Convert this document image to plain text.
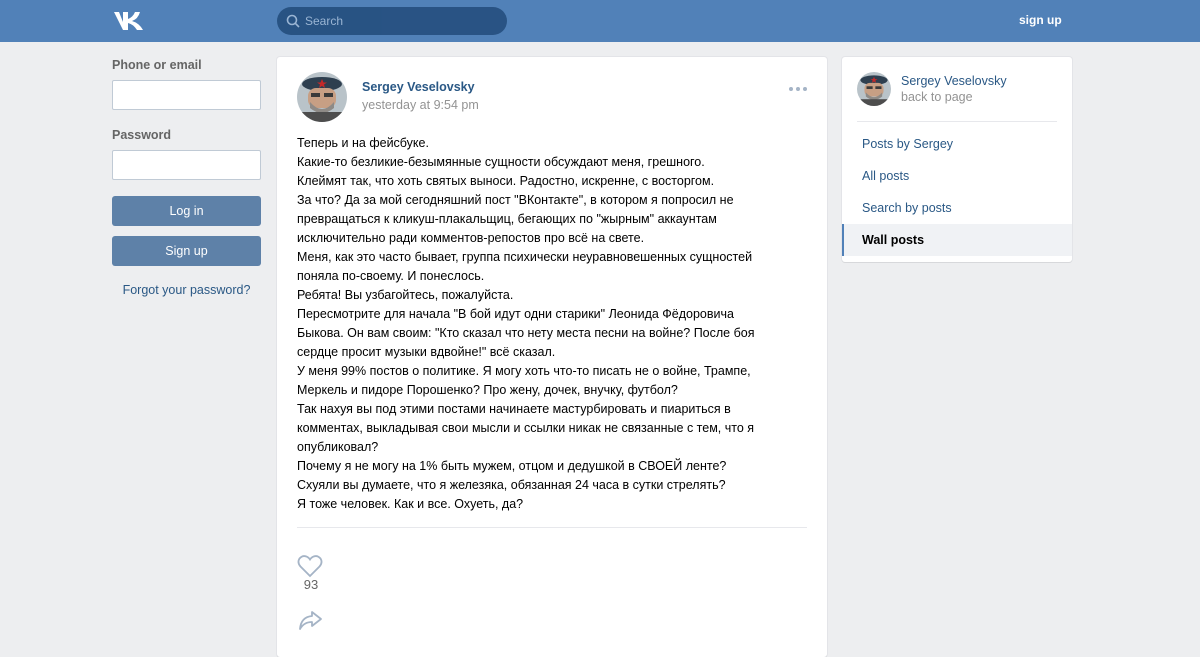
Search
sign up
Phone or email
Password
Log in
Sign up
Forgot your password?
Sergey Veselovsky
yesterday at 9:54 pm
Теперь и на фейсбуке.
Какие-то безликие-безымянные сущности обсуждают меня, грешного.
Клеймят так, что хоть святых выноси. Радостно, искренне, с восторгом.
За что? Да за мой сегодняшний пост "ВКонтакте", в котором я попросил не
превращаться к кликуш-плакальщиц, бегающих по "жырным" аккаунтам
исключительно ради комментов-репостов про всё на свете.
Меня, как это часто бывает, группа психически неуравновешенных сущностей
поняла по-своему. И понеслось.
Ребята! Вы узбагойтесь, пожалуйста.
Пересмотрите для начала "В бой идут одни старики" Леонида Фёдоровича
Быкова. Он вам своим: "Кто сказал что нету места песни на войне? После боя
сердце просит музыки вдвойне!" всё сказал.
У меня 99% постов о политике. Я могу хоть что-то писать не о войне, Трампе,
Меркель и пидоре Порошенко? Про жену, дочек, внучку, футбол?
Так нахуя вы под этими постами начинаете мастурбировать и пиариться в
комментах, выкладывая свои мысли и ссылки никак не связанные с тем, что я
опубликовал?
Почему я не могу на 1% быть мужем, отцом и дедушкой в СВОЕЙ ленте?
Схуяли вы думаете, что я железяка, обязанная 24 часа в сутки стрелять?
Я тоже человек. Как и все. Охуеть, да?
93
Sergey Veselovsky
back to page
Posts by Sergey
All posts
Search by posts
Wall posts
